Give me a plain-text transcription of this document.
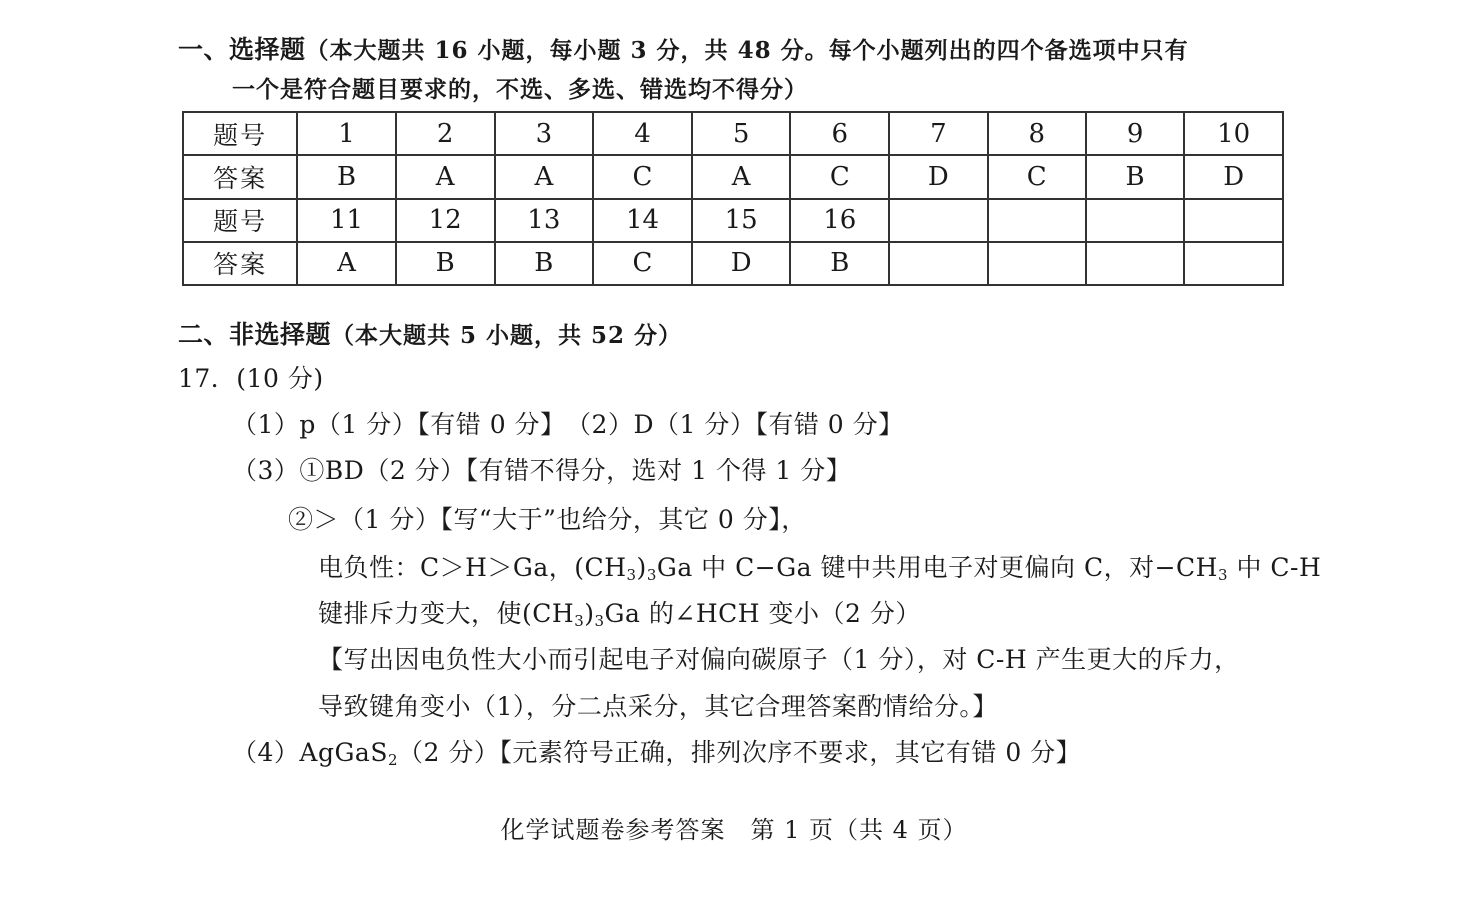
一、选择题（本大题共 16 小题，每小题 3 分，共 48 分。每个小题列出的四个备选项中只有
一个是符合题目要求的，不选、多选、错选均不得分）
题号	1	2	3	4	5	6	7	8	9	10
答案	B	A	A	C	A	C	D	C	B	D
题号	11	12	13	14	15	16				
答案	A	B	B	C	D	B				
二、非选择题（本大题共 5 小题，共 52 分）
17．(10 分)
（1）p（1 分）【有错 0 分】　（2）D（1 分）【有错 0 分】
（3）①BD（2 分）【有错不得分，选对 1 个得 1 分】
②＞（1 分）【写“大于”也给分，其它 0 分】，
电负性：C＞H＞Ga，$(CH_3)_3Ga$ 中 C−Ga 键中共用电子对更偏向 C，对$-CH_3$ 中 C-H
键排斥力变大，使$(CH_3)_3Ga$ 的∠HCH 变小（2 分）
【写出因电负性大小而引起电子对偏向碳原子（1 分），对 C-H 产生更大的斥力，
导致键角变小（1），分二点采分，其它合理答案酌情给分。】
（4）AgGaS$_2$（2 分）【元素符号正确，排列次序不要求，其它有错 0 分】
化学试题卷参考答案　第 1 页（共 4 页）
